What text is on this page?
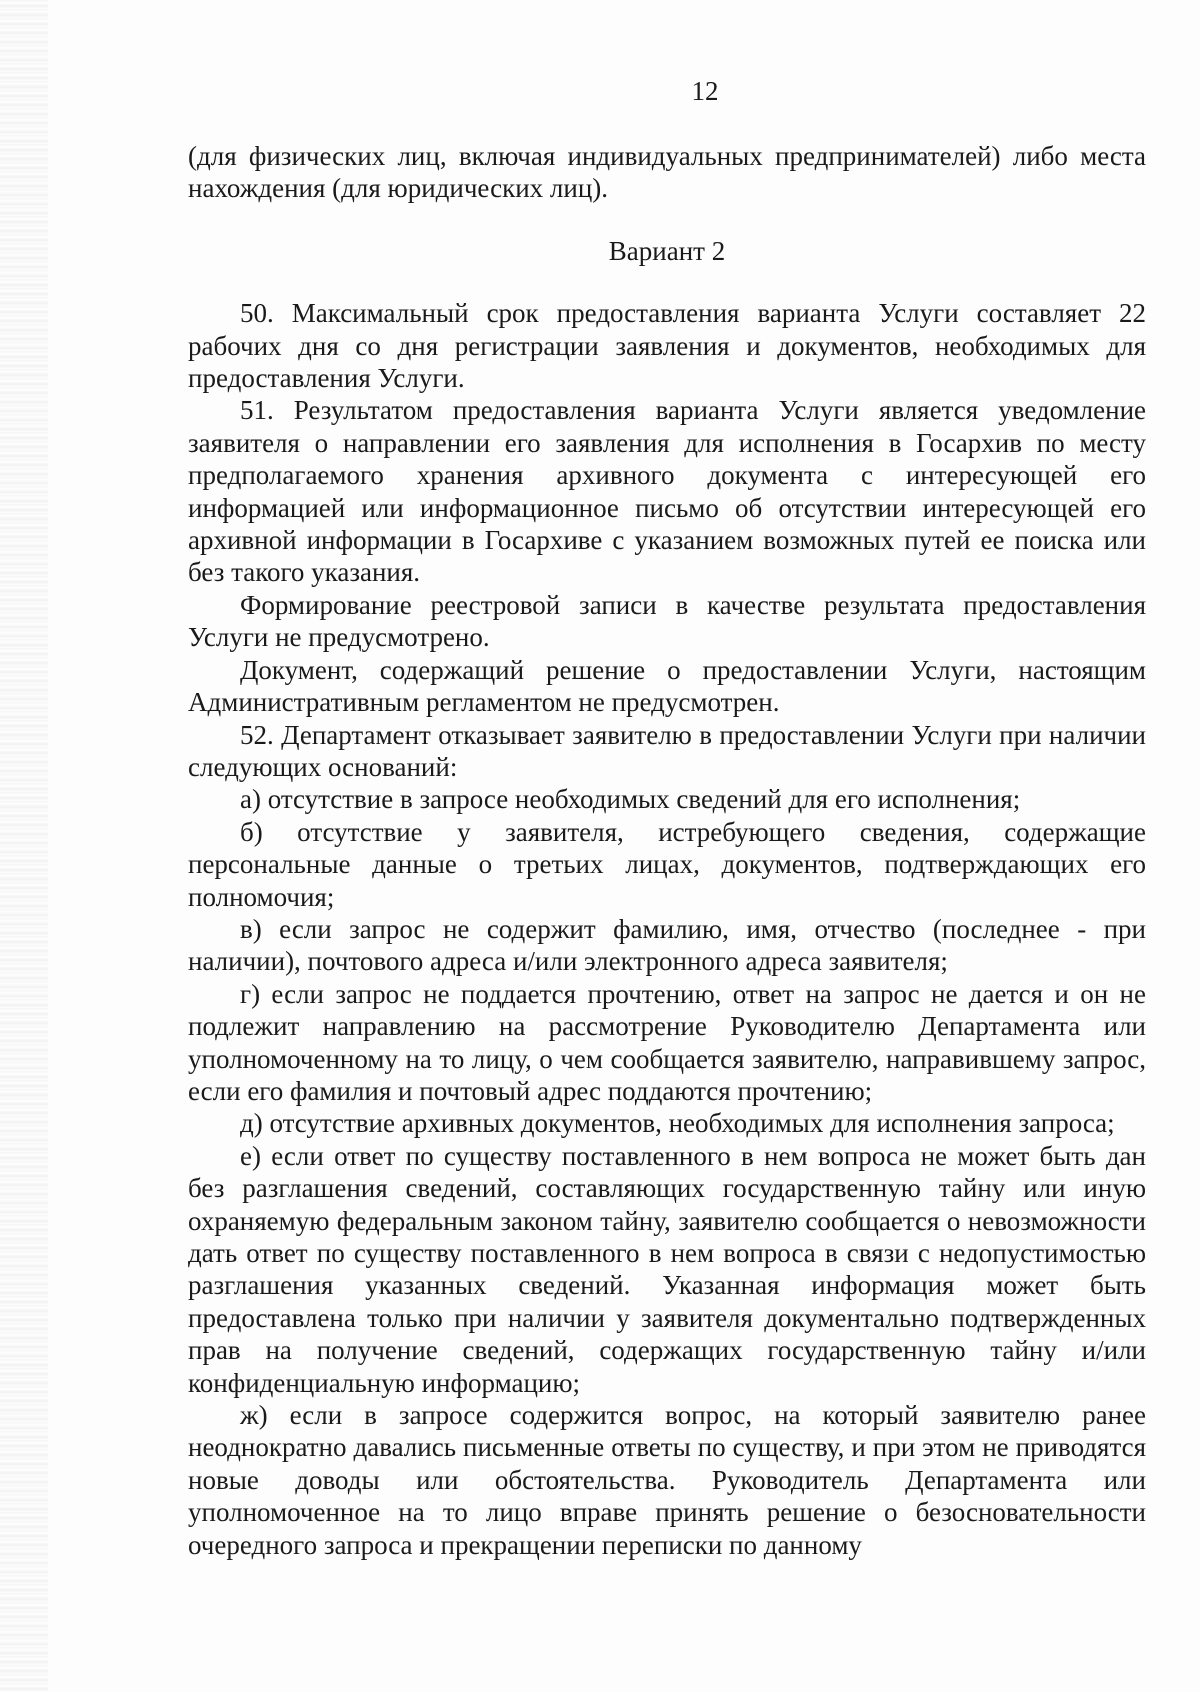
12

(для физических лиц, включая индивидуальных предпринимателей) либо места нахождения (для юридических лиц).

Вариант 2

50. Максимальный срок предоставления варианта Услуги составляет 22 рабочих дня со дня регистрации заявления и документов, необходимых для предоставления Услуги.

51. Результатом предоставления варианта Услуги является уведомление заявителя о направлении его заявления для исполнения в Госархив по месту предполагаемого хранения архивного документа с интересующей его информацией или информационное письмо об отсутствии интересующей его архивной информации в Госархиве с указанием возможных путей ее поиска или без такого указания.

Формирование реестровой записи в качестве результата предоставления Услуги не предусмотрено.

Документ, содержащий решение о предоставлении Услуги, настоящим Административным регламентом не предусмотрен.

52. Департамент отказывает заявителю в предоставлении Услуги при наличии следующих оснований:

а) отсутствие в запросе необходимых сведений для его исполнения;

б) отсутствие у заявителя, истребующего сведения, содержащие персональные данные о третьих лицах, документов, подтверждающих его полномочия;

в) если запрос не содержит фамилию, имя, отчество (последнее - при наличии), почтового адреса и/или электронного адреса заявителя;

г) если запрос не поддается прочтению, ответ на запрос не дается и он не подлежит направлению на рассмотрение Руководителю Департамента или уполномоченному на то лицу, о чем сообщается заявителю, направившему запрос, если его фамилия и почтовый адрес поддаются прочтению;

д) отсутствие архивных документов, необходимых для исполнения запроса;

е) если ответ по существу поставленного в нем вопроса не может быть дан без разглашения сведений, составляющих государственную тайну или иную охраняемую федеральным законом тайну, заявителю сообщается о невозможности дать ответ по существу поставленного в нем вопроса в связи с недопустимостью разглашения указанных сведений. Указанная информация может быть предоставлена только при наличии у заявителя документально подтвержденных прав на получение сведений, содержащих государственную тайну и/или конфиденциальную информацию;

ж) если в запросе содержится вопрос, на который заявителю ранее неоднократно давались письменные ответы по существу, и при этом не приводятся новые доводы или обстоятельства. Руководитель Департамента или уполномоченное на то лицо вправе принять решение о безосновательности очередного запроса и прекращении переписки по данному
